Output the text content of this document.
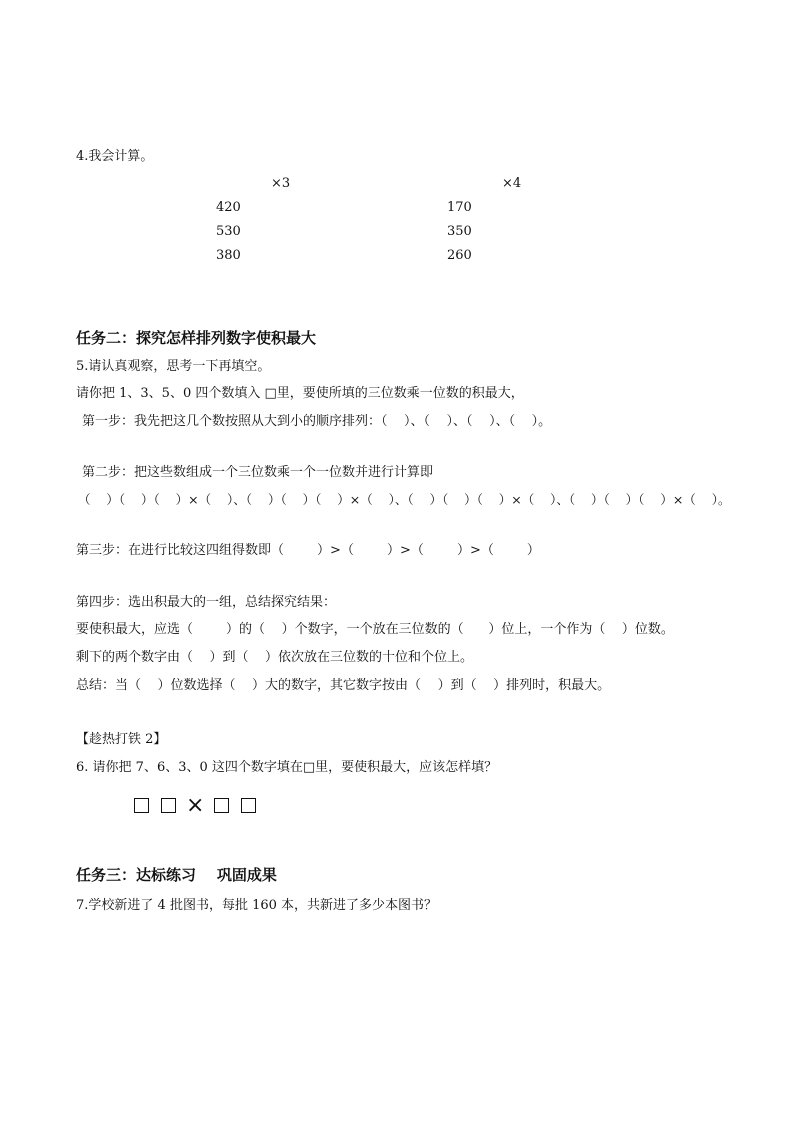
4.我会计算。
×3	×4
420
530
380
170
350
260
任务二：探究怎样排列数字使积最大
5.请认真观察，思考一下再填空。
请你把 1、3、5、0 四个数填入 □里，要使所填的三位数乘一位数的积最大，
第一步：我先把这几个数按照从大到小的顺序排列：（    ）、（    ）、（    ）、（    ）。
第二步：把这些数组成一个三位数乘一个一位数并进行计算即
（    ）（    ）（    ）×（    ）、（    ）（    ）（    ）×（    ）、（    ）（    ）（    ）×（    ）、（    ）（    ）（    ）×（    ）。
第三步：在进行比较这四组得数即（        ）>（        ）>（        ）>（        ）
第四步：选出积最大的一组，总结探究结果：
要使积最大，应选（        ）的（    ）个数字，一个放在三位数的（      ）位上，一个作为（    ）位数。
剩下的两个数字由（    ）到（    ）依次放在三位数的十位和个位上。
总结：当（    ）位数选择（    ）大的数字，其它数字按由（    ）到（    ）排列时，积最大。
【趁热打铁 2】
6. 请你把 7、6、3、0 这四个数字填在□里，要使积最大，应该怎样填？
×
任务三：达标练习    巩固成果
7.学校新进了 4 批图书，每批 160 本，共新进了多少本图书？
